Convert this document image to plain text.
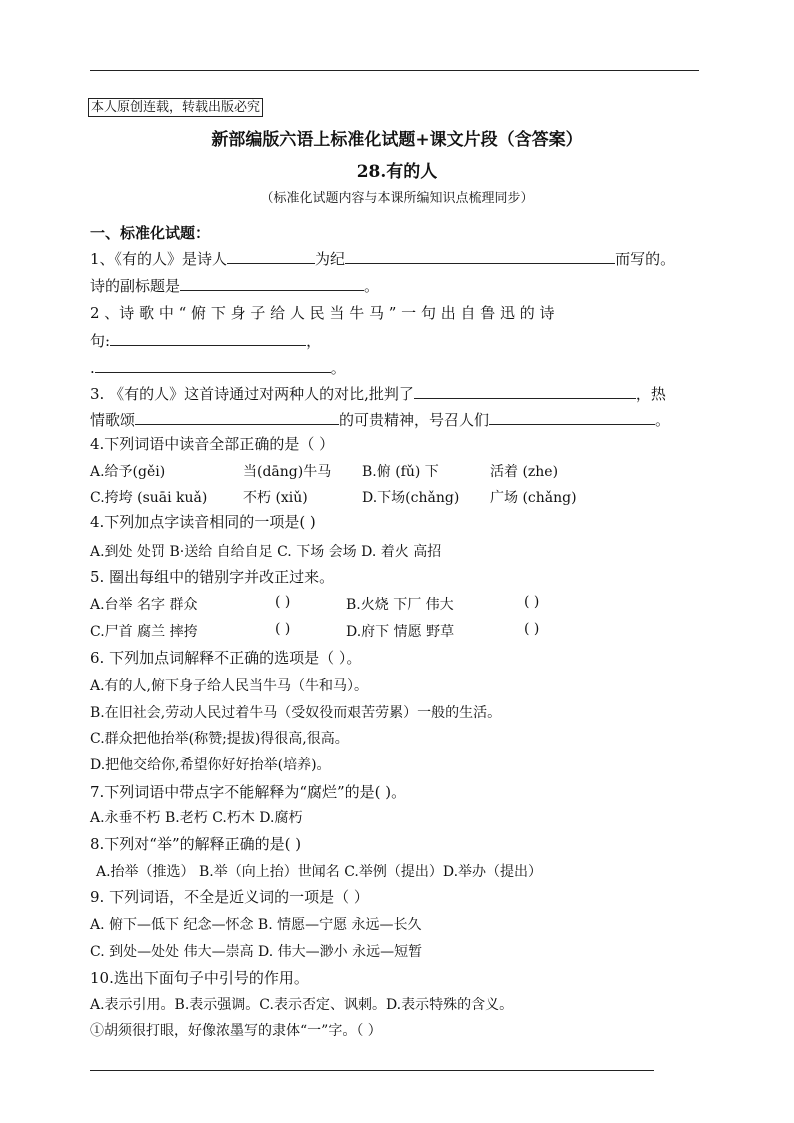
本人原创连载，转载出版必究
新部编版六语上标准化试题+课文片段（含答案）
28.有的人
（标准化试题内容与本课所编知识点梳理同步）
一、标准化试题：
1、《有的人》是诗人	为纪	而写的。
诗的副标题是	。
2 、诗 歌 中 “ 俯 下 身 子 给 人 民 当 牛 马 ” 一 句 出 自 鲁 迅 的 诗
句:	，
.	。
3. 《有的人》这首诗通过对两种人的对比,批判了	，热
情歌颂	的可贵精神，号召人们	。
4.下列词语中读音全部正确的是（ ）
A.给予(gěi)	当(dāng)牛马 B.俯 (fǔ) 下	活着 (zhe)
C.挎垮 (suāi kuǎ)	不朽 (xiǔ)	D.下场(chǎng) 广场 (chǎng)
4.下列加点字读音相同的一项是( )
A.到处 处罚 B·送给 自给自足 C. 下场 会场 D. 着火 高招
5. 圈出每组中的错别字并改正过来。
A.台举 名字 群众	( )	B.火烧 下厂 伟大	( )
C.尸首 腐兰 摔挎	( )	D.府下 情愿 野草	( )
6. 下列加点词解释不正确的选项是（ ）。
A.有的人,俯下身子给人民当牛马（牛和马）。
B.在旧社会,劳动人民过着牛马（受奴役而艰苦劳累）一般的生活。
C.群众把他抬举(称赞;提拔)得很高,很高。
D.把他交给你,希望你好好抬举(培养)。
7.下列词语中带点字不能解释为“腐烂”的是( )。
A.永垂不朽 B.老朽 C.朽木 D.腐朽
8.下列对“举”的解释正确的是( )
A.抬举（推选） B.举（向上抬）世闻名 C.举例（提出）D.举办（提出）
9. 下列词语，不全是近义词的一项是（ ）
A. 俯下—低下 纪念—怀念 B. 情愿—宁愿 永远—长久
C. 到处—处处 伟大—崇高 D. 伟大—渺小 永远—短暂
10.选出下面句子中引号的作用。
A.表示引用。B.表示强调。C.表示否定、讽刺。D.表示特殊的含义。
①胡须很打眼，好像浓墨写的隶体“一”字。（ ）
